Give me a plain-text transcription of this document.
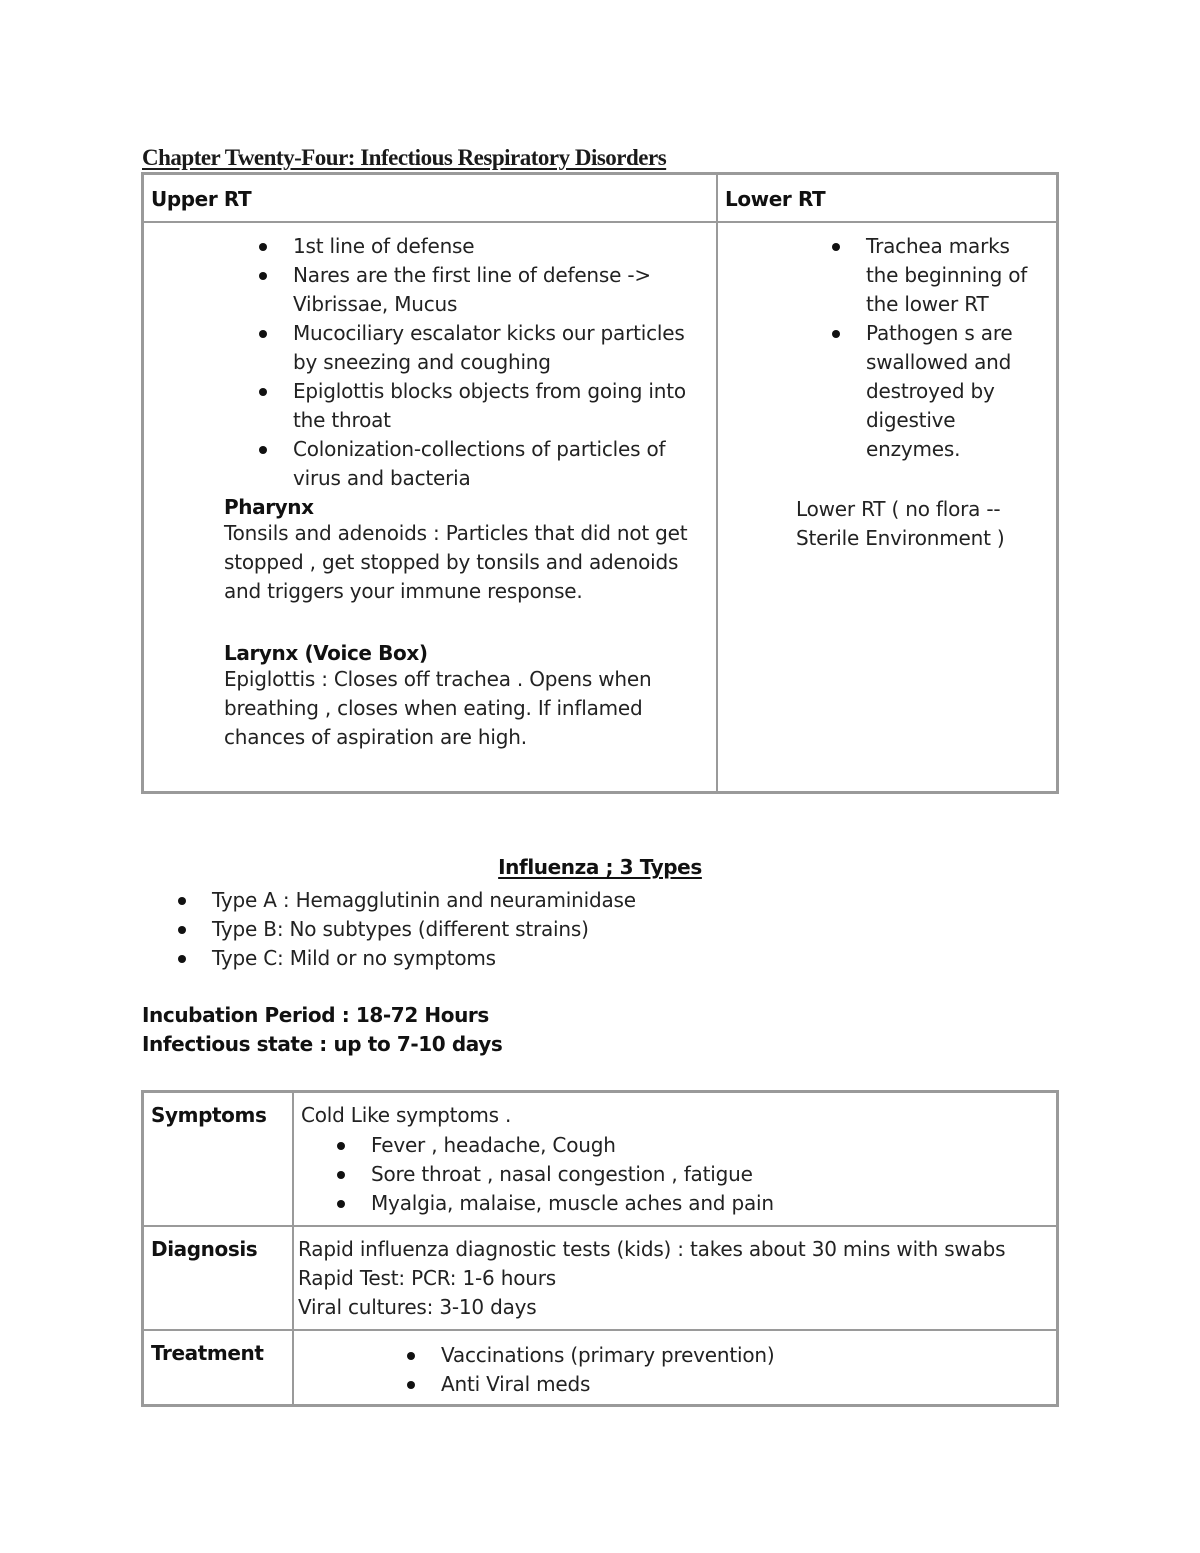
Chapter Twenty-Four: Infectious Respiratory Disorders
Upper RT	Lower RT
1st line of defense
Nares are the first line of defense -> Vibrissae, Mucus
Mucociliary escalator kicks our particles by sneezing and coughing
Epiglottis blocks objects from going into the throat
Colonization-collections of particles of virus and bacteria
Pharynx
Tonsils and adenoids : Particles that did not get stopped , get stopped by tonsils and adenoids and triggers your immune response.
Larynx (Voice Box)
Epiglottis : Closes off trachea . Opens when breathing , closes when eating. If inflamed chances of aspiration are high.
Trachea marks the beginning of the lower RT
Pathogen s are swallowed and destroyed by digestive enzymes.
Lower RT ( no flora -- Sterile Environment )
Influenza ; 3 Types
Type A : Hemagglutinin and neuraminidase
Type B: No subtypes (different strains)
Type C: Mild or no symptoms
Incubation Period : 18-72 Hours
Infectious state : up to 7-10 days
Symptoms Cold Like symptoms .
Fever , headache, Cough
Sore throat , nasal congestion , fatigue
Myalgia, malaise, muscle aches and pain
Diagnosis Rapid influenza diagnostic tests (kids) : takes about 30 mins with swabs
Rapid Test: PCR: 1-6 hours
Viral cultures: 3-10 days
Treatment	Vaccinations (primary prevention)
Anti Viral meds
